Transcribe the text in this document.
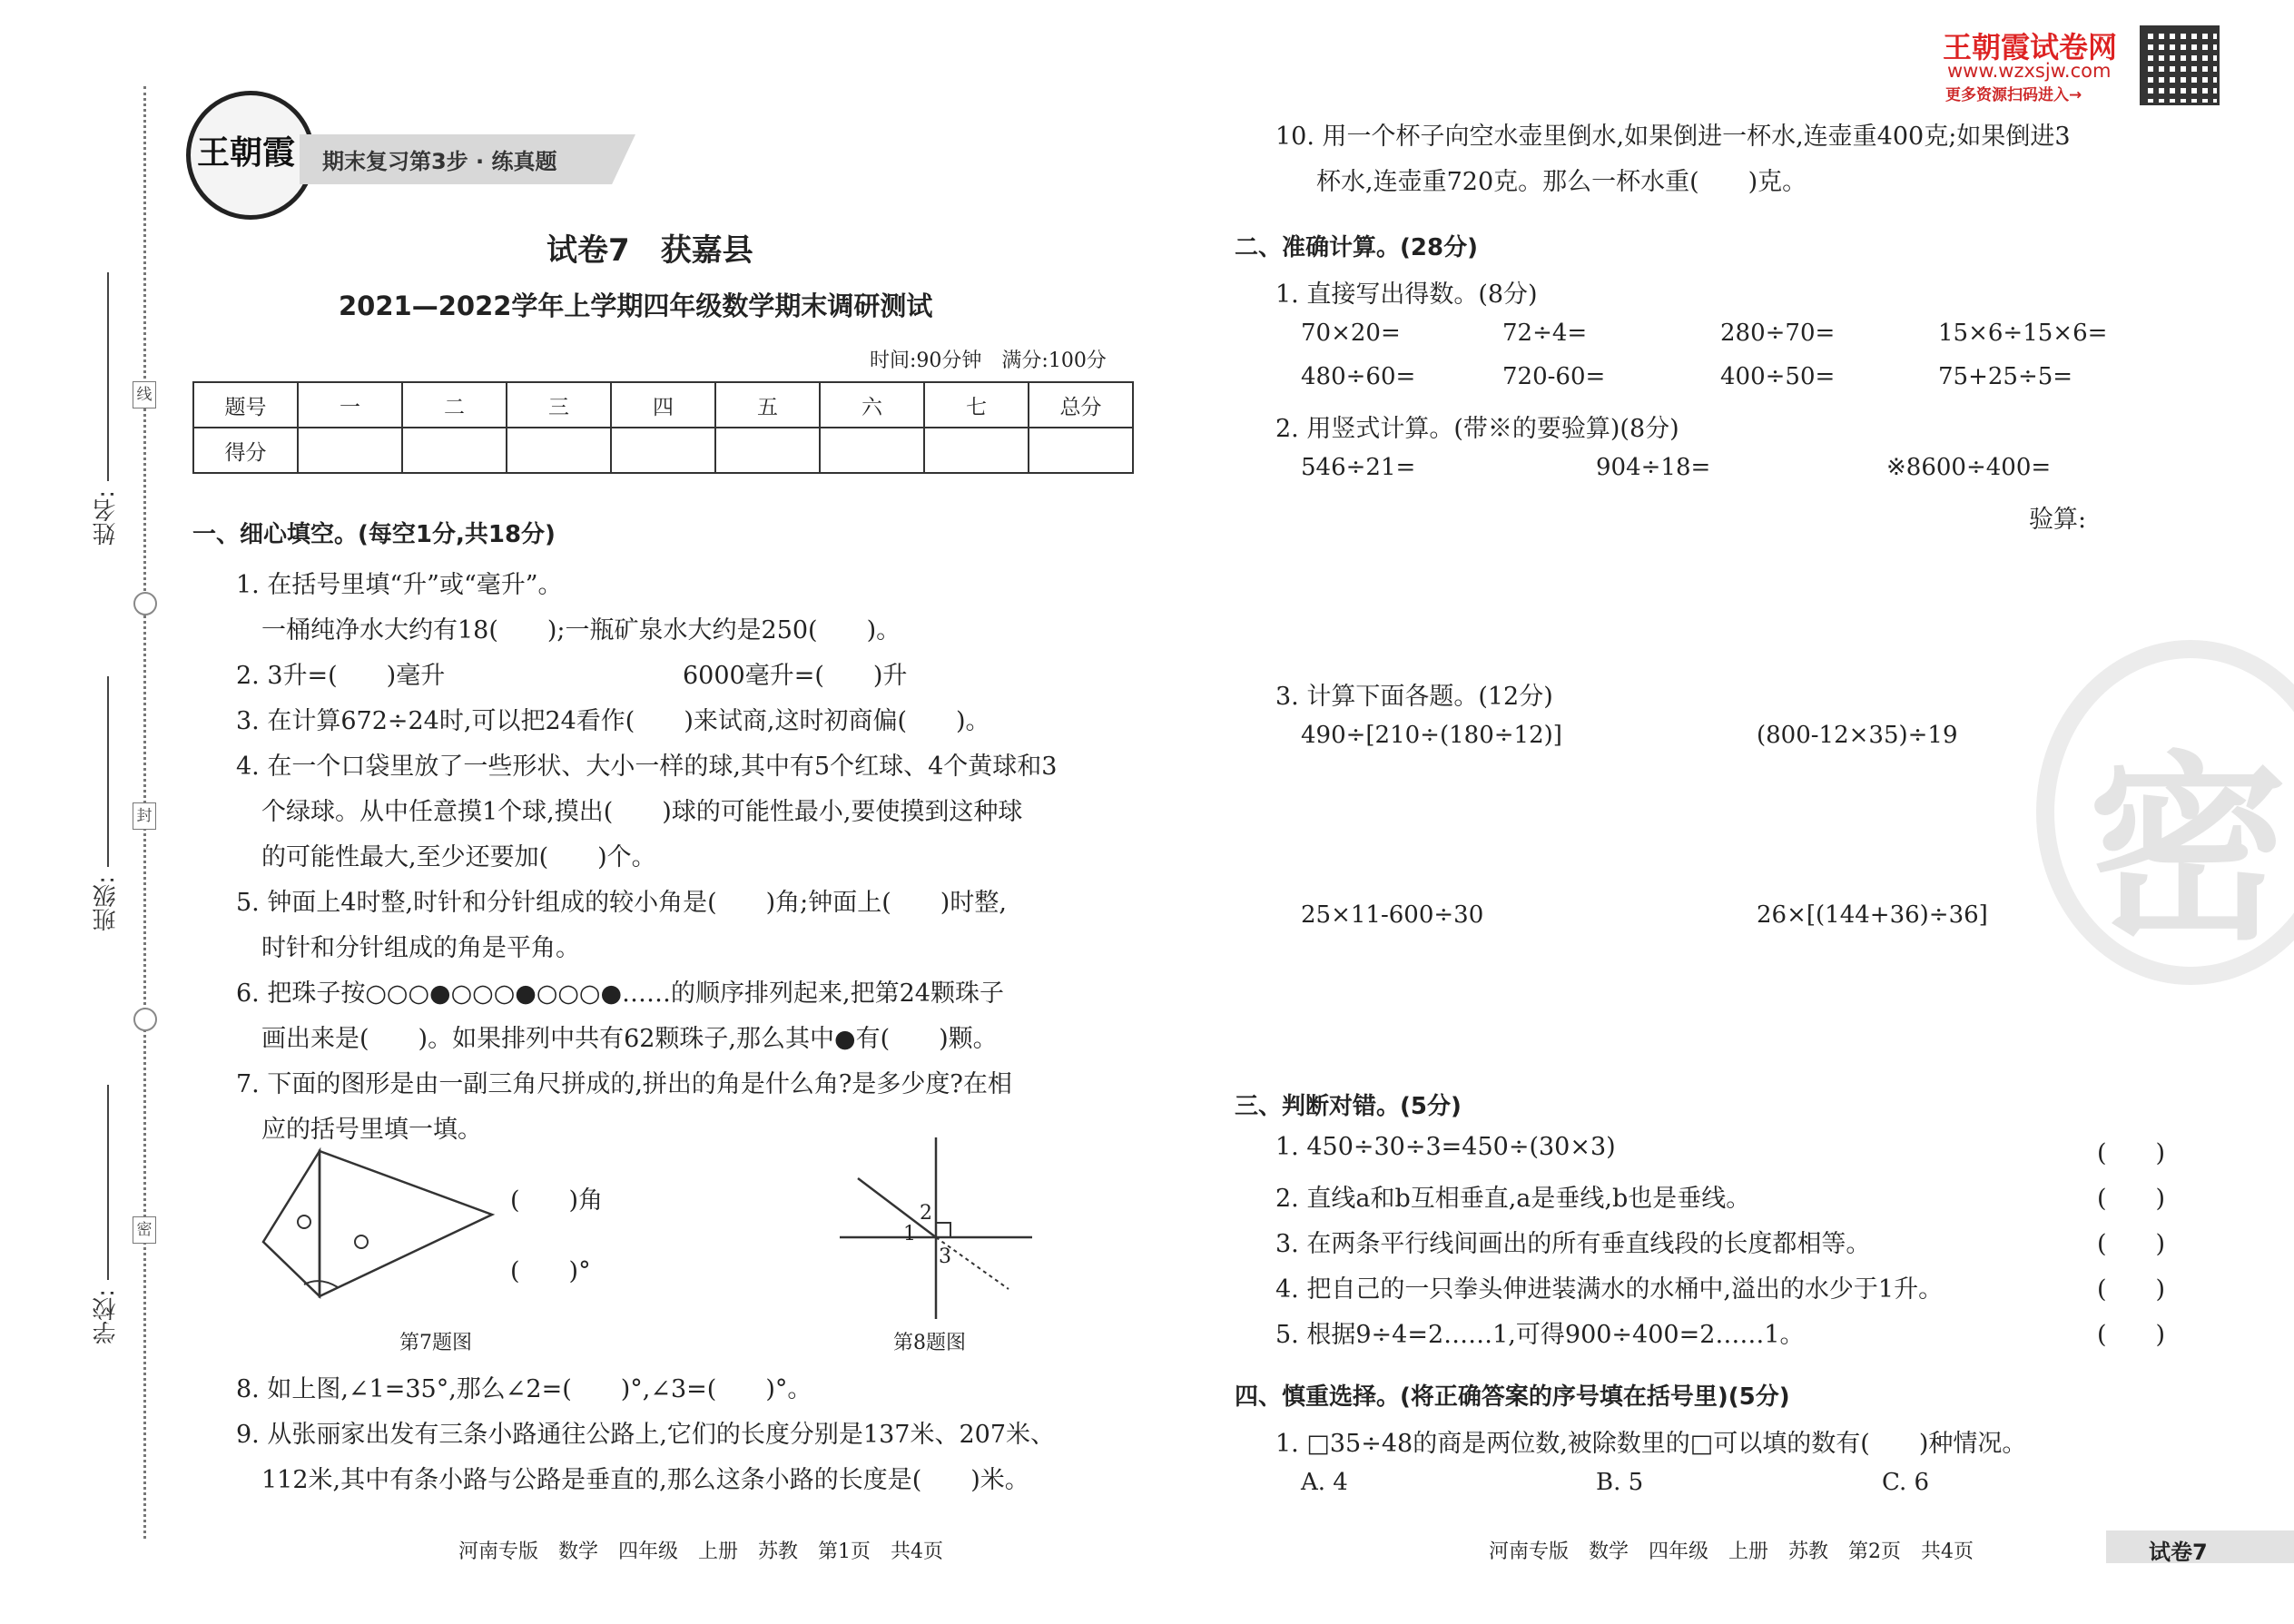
姓名:
班级:
学校:
线
封
密
王朝霞 期末复习第3步 · 练真题
试卷7　获嘉县
2021—2022学年上学期四年级数学期末调研测试
时间:90分钟　满分:100分
题号	一	二	三	四	五	六	七	总分
得分								
一、细心填空。(每空1分,共18分)
1. 在括号里填“升”或“毫升”。
一桶纯净水大约有18(　　);一瓶矿泉水大约是250(　　)。
2. 3升=(　　)毫升	6000毫升=(　　)升
3. 在计算672÷24时,可以把24看作(　　)来试商,这时初商偏(　　)。
4. 在一个口袋里放了一些形状、大小一样的球,其中有5个红球、4个黄球和3
个绿球。从中任意摸1个球,摸出(　　)球的可能性最小,要使摸到这种球
的可能性最大,至少还要加(　　)个。
5. 钟面上4时整,时针和分针组成的较小角是(　　)角;钟面上(　　)时整,
时针和分针组成的角是平角。
6. 把珠子按○○○●○○○●○○○●……的顺序排列起来,把第24颗珠子
画出来是(　　)。如果排列中共有62颗珠子,那么其中●有(　　)颗。
7. 下面的图形是由一副三角尺拼成的,拼出的角是什么角?是多少度?在相
应的括号里填一填。
(　　)角
(　　)°
第7题图
1
2
3
第8题图
8. 如上图,∠1=35°,那么∠2=(　　)°,∠3=(　　)°。
9. 从张丽家出发有三条小路通往公路上,它们的长度分别是137米、207米、
112米,其中有条小路与公路是垂直的,那么这条小路的长度是(　　)米。
河南专版　数学　四年级　上册　苏教　第1页　共4页
王朝霞试卷网
www.wzxsjw.com
更多资源扫码进入→
10. 用一个杯子向空水壶里倒水,如果倒进一杯水,连壶重400克;如果倒进3
杯水,连壶重720克。那么一杯水重(　　)克。
二、准确计算。(28分)
1. 直接写出得数。(8分)
70×20=	72÷4=	280÷70=	15×6÷15×6=
480÷60=	720-60=	400÷50=	75+25÷5=
2. 用竖式计算。(带※的要验算)(8分)
546÷21=	904÷18=	※8600÷400=
验算:
3. 计算下面各题。(12分)
490÷[210÷(180÷12)]	(800-12×35)÷19
25×11-600÷30	26×[(144+36)÷36] 密
三、判断对错。(5分)
1. 450÷30÷3=450÷(30×3)	(　　)
2. 直线a和b互相垂直,a是垂线,b也是垂线。	(　　)
3. 在两条平行线间画出的所有垂直线段的长度都相等。	(　　)
4. 把自己的一只拳头伸进装满水的水桶中,溢出的水少于1升。	(　　)
5. 根据9÷4=2……1,可得900÷400=2……1。	(　　)
四、慎重选择。(将正确答案的序号填在括号里)(5分)
1. □35÷48的商是两位数,被除数里的□可以填的数有(　　)种情况。
A. 4	B. 5	C. 6
河南专版　数学　四年级　上册　苏教　第2页　共4页	试卷7
